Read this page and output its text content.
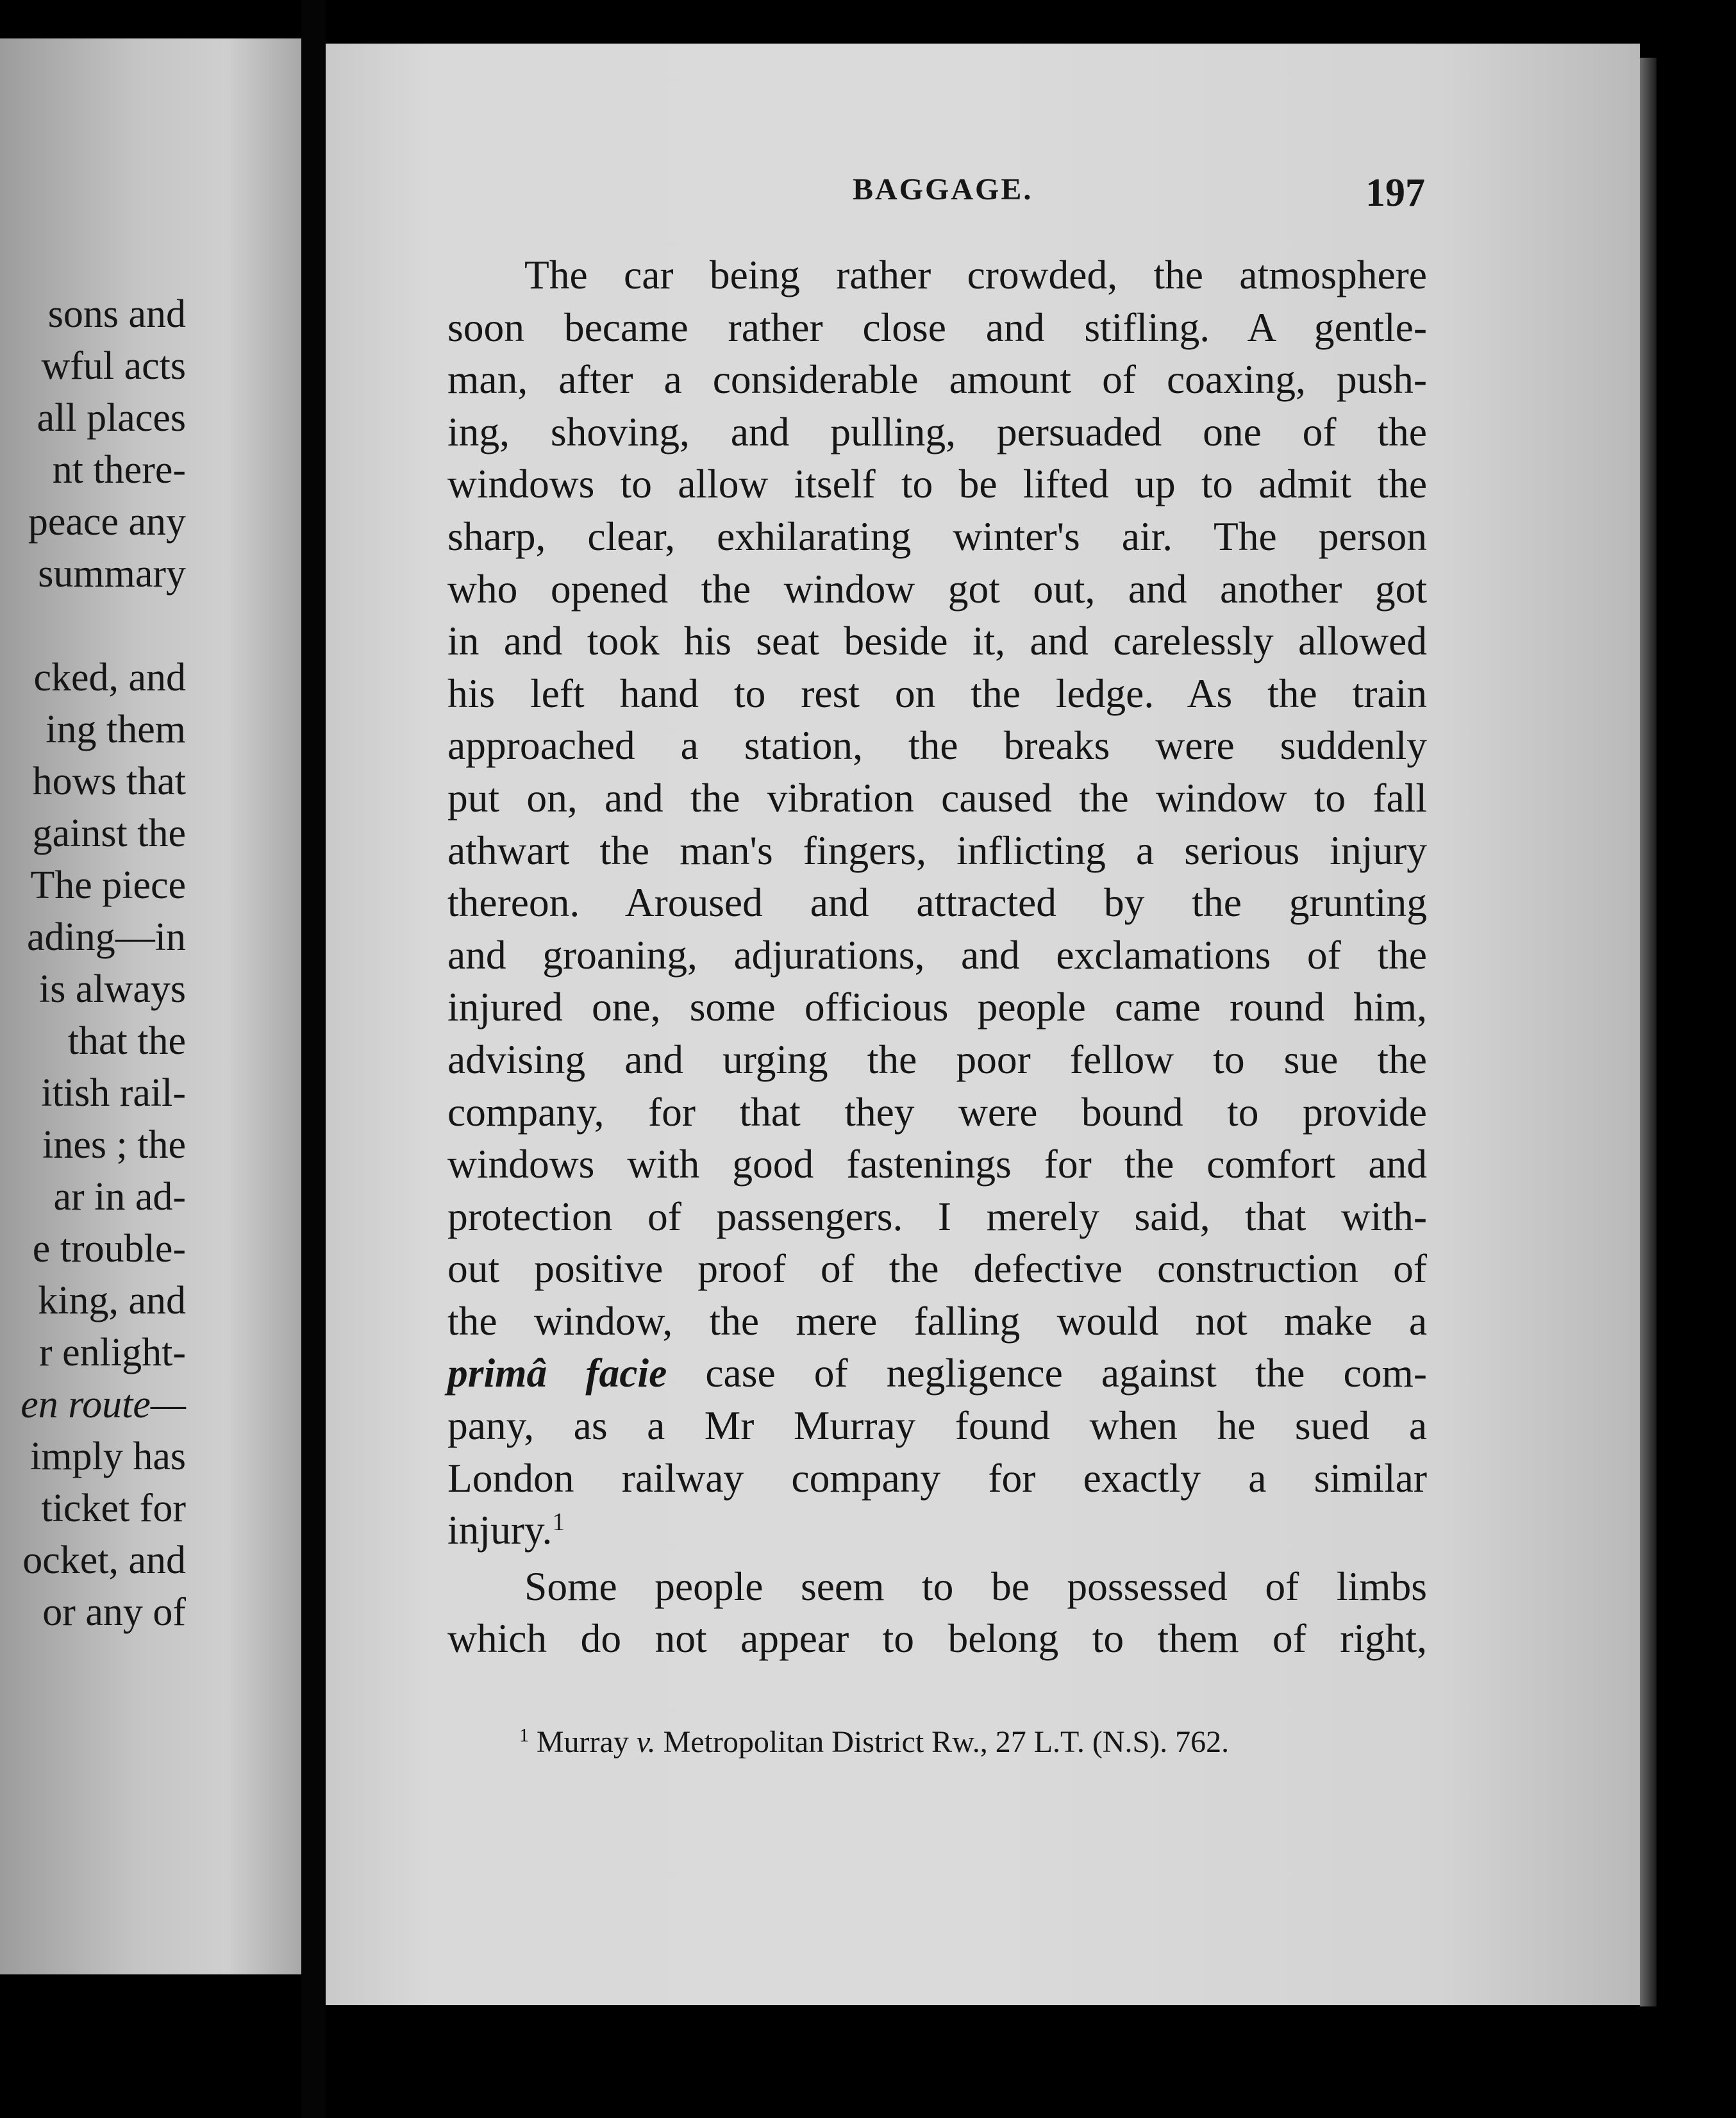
sons and
wful acts
all places
nt there-
peace any
summary

cked, and
ing them
hows that
gainst the
The piece
ading—in
is always
that the
itish rail-
ines ; the
ar in ad-
e trouble-
king, and
r enlight-
en route—
imply has
ticket for
ocket, and
or any of
BAGGAGE.	197
The car being rather crowded, the atmosphere
soon became rather close and stifling. A gentle-
man, after a considerable amount of coaxing, push-
ing, shoving, and pulling, persuaded one of the
windows to allow itself to be lifted up to admit the
sharp, clear, exhilarating winter's air. The person
who opened the window got out, and another got
in and took his seat beside it, and carelessly allowed
his left hand to rest on the ledge. As the train
approached a station, the breaks were suddenly
put on, and the vibration caused the window to fall
athwart the man's fingers, inflicting a serious injury
thereon. Aroused and attracted by the grunting
and groaning, adjurations, and exclamations of the
injured one, some officious people came round him,
advising and urging the poor fellow to sue the
company, for that they were bound to provide
windows with good fastenings for the comfort and
protection of passengers. I merely said, that with-
out positive proof of the defective construction of
the window, the mere falling would not make a
primâ facie case of negligence against the com-
pany, as a Mr Murray found when he sued a
London railway company for exactly a similar
injury.$^1$
Some people seem to be possessed of limbs
which do not appear to belong to them of right,
$^1$ Murray v. Metropolitan District Rw., 27 L.T. (N.S). 762.
